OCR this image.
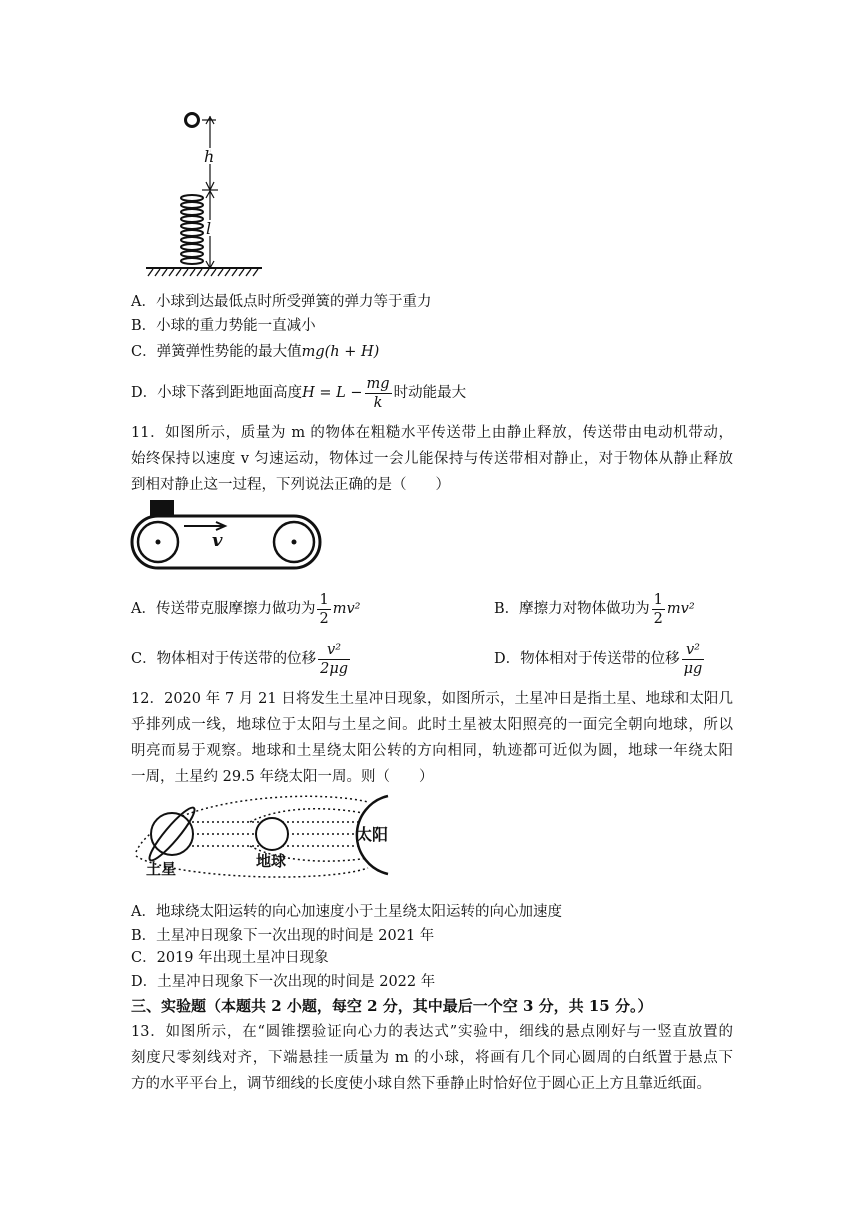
h
l
A．小球到达最低点时所受弹簧的弹力等于重力
B．小球的重力势能一直减小
C．弹簧弹性势能的最大值mg(h + H)
D．小球下落到距地面高度$H = L - \frac{mg}{k}$ 时动能最大

11．如图所示，质量为 m 的物体在粗糙水平传送带上由静止释放，传送带由电动机带动，

始终保持以速度 v 匀速运动，物体过一会儿能保持与传送带相对静止，对于物体从静止释放

到相对静止这一过程，下列说法正确的是（　　）

v
A．传送带克服摩擦力做功为 $\frac{1}{2} mv^2$	B．摩擦力对物体做功为 $\frac{1}{2} mv^2$
C．物体相对于传送带的位移 $\frac{\text{v²}}{2\mu g}$	D．物体相对于传送带的位移 $\frac{\text{v²}}{\mu g}$

12．2020 年 7 月 21 日将发生土星冲日现象，如图所示，土星冲日是指土星、地球和太阳几

乎排列成一线，地球位于太阳与土星之间。此时土星被太阳照亮的一面完全朝向地球，所以

明亮而易于观察。地球和土星绕太阳公转的方向相同，轨迹都可近似为圆，地球一年绕太阳

一周，土星约 29.5 年绕太阳一周。则（　　）

土星	地球
太阳
A．地球绕太阳运转的向心加速度小于土星绕太阳运转的向心加速度
B．土星冲日现象下一次出现的时间是 2021 年
C．2019 年出现土星冲日现象
D．土星冲日现象下一次出现的时间是 2022 年
三、实验题（本题共 2 小题，每空 2 分，其中最后一个空 3 分，共 15 分。）

13．如图所示，在“圆锥摆验证向心力的表达式”实验中，细线的悬点刚好与一竖直放置的

刻度尺零刻线对齐，下端悬挂一质量为 m 的小球，将画有几个同心圆周的白纸置于悬点下

方的水平平台上，调节细线的长度使小球自然下垂静止时恰好位于圆心正上方且靠近纸面。
